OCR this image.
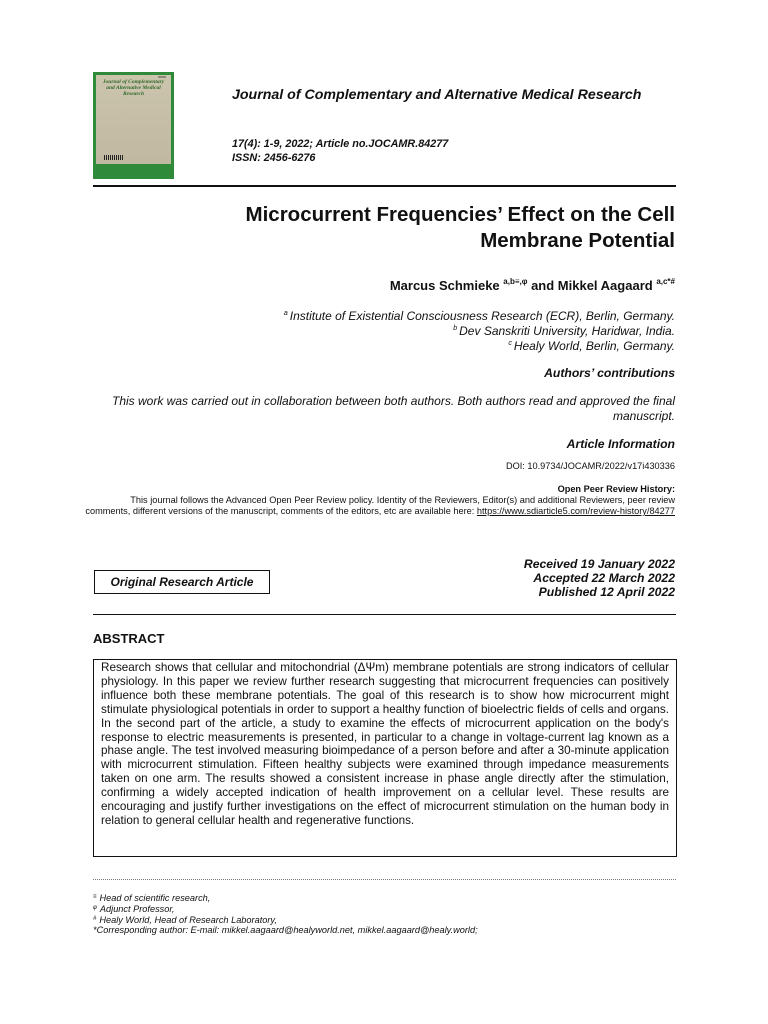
Journal of Complementary and Alternative Medical Research	Journal of Complementary and Alternative Medical Research
17(4): 1-9, 2022; Article no.JOCAMR.84277
ISSN: 2456-6276
Microcurrent Frequencies’ Effect on the Cell Membrane Potential
Marcus Schmieke $^{a,b\equiv,\varphi}$ and Mikkel Aagaard $^{a,c*\#}$
$^a$ Institute of Existential Consciousness Research (ECR), Berlin, Germany.
$^b$ Dev Sanskriti University, Haridwar, India.
$^c$ Healy World, Berlin, Germany.
Authors’ contributions
This work was carried out in collaboration between both authors. Both authors read and approved the final manuscript.
Article Information
DOI: 10.9734/JOCAMR/2022/v17i430336
Open Peer Review History:
This journal follows the Advanced Open Peer Review policy. Identity of the Reviewers, Editor(s) and additional Reviewers, peer review comments, different versions of the manuscript, comments of the editors, etc are available here: https://www.sdiarticle5.com/review-history/84277
Original Research Article
Received 19 January 2022
Accepted 22 March 2022
Published 12 April 2022
ABSTRACT
Research shows that cellular and mitochondrial (ΔΨm) membrane potentials are strong indicators of cellular physiology. In this paper we review further research suggesting that microcurrent frequencies can positively influence both these membrane potentials. The goal of this research is to show how microcurrent might stimulate physiological potentials in order to support a healthy function of bioelectric fields of cells and organs. In the second part of the article, a study to examine the effects of microcurrent application on the body's response to electric measurements is presented, in particular to a change in voltage-current lag known as a phase angle. The test involved measuring bioimpedance of a person before and after a 30-minute application with microcurrent stimulation. Fifteen healthy subjects were examined through impedance measurements taken on one arm. The results showed a consistent increase in phase angle directly after the stimulation, confirming a widely accepted indication of health improvement on a cellular level. These results are encouraging and justify further investigations on the effect of microcurrent stimulation on the human body in relation to general cellular health and regenerative functions.
≡ Head of scientific research,
$^\varphi$ Adjunct Professor,
# Healy World, Head of Research Laboratory,
*Corresponding author: E-mail: mikkel.aagaard@healyworld.net, mikkel.aagaard@healy.world;
